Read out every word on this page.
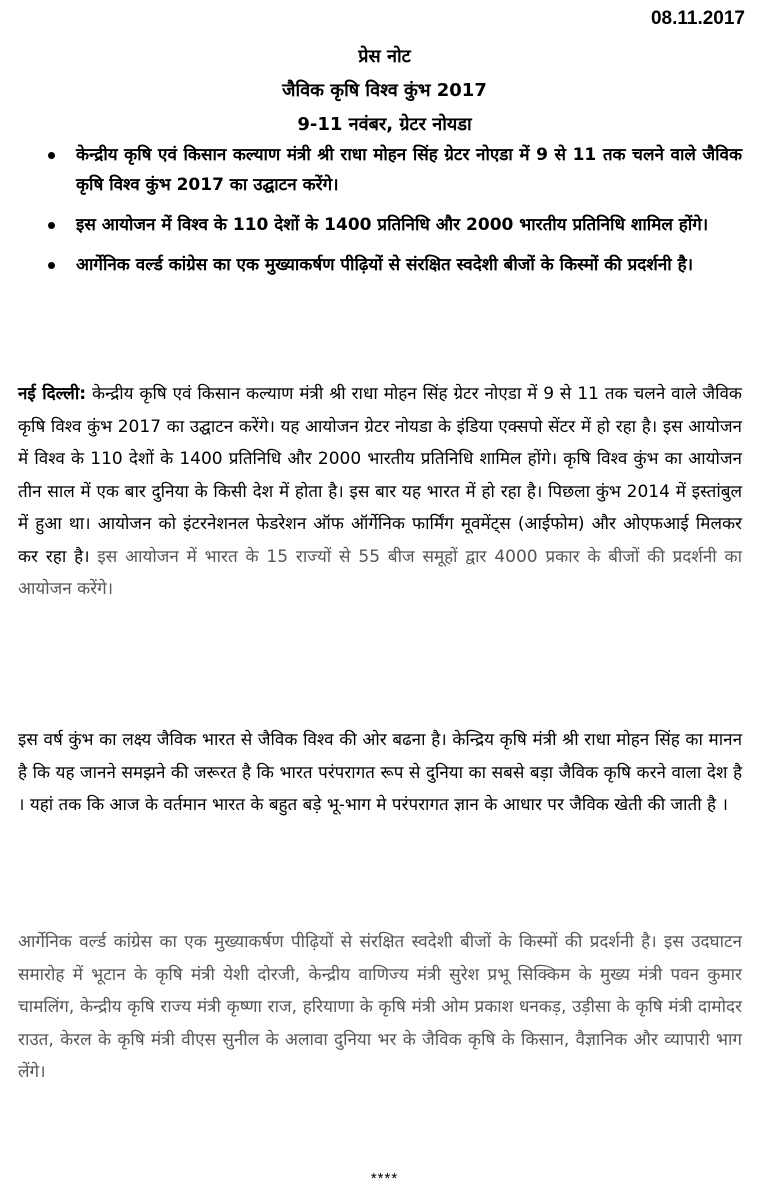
08.11.2017
प्रेस नोट
जैविक कृषि विश्व कुंभ 2017
9-11 नवंबर, ग्रेटर नोयडा
केन्द्रीय कृषि एवं किसान कल्याण मंत्री श्री राधा मोहन सिंह ग्रेटर नोएडा में 9 से 11 तक चलने वाले जैविक कृषि विश्व कुंभ 2017 का उद्घाटन करेंगे।
इस आयोजन में विश्व के 110 देशों के 1400 प्रतिनिधि और 2000 भारतीय प्रतिनिधि शामिल होंगे।
आर्गेनिक वर्ल्ड कांग्रेस का एक मुख्याकर्षण पीढ़ियों से संरक्षित स्वदेशी बीजों के किस्मों की प्रदर्शनी है।

नई दिल्ली: केन्द्रीय कृषि एवं किसान कल्याण मंत्री श्री राधा मोहन सिंह ग्रेटर नोएडा में 9 से 11 तक चलने वाले जैविक कृषि विश्व कुंभ 2017 का उद्घाटन करेंगे। यह आयोजन ग्रेटर नोयडा के इंडिया एक्सपो सेंटर में हो रहा है। इस आयोजन में विश्व के 110 देशों के 1400 प्रतिनिधि और 2000 भारतीय प्रतिनिधि शामिल होंगे। कृषि विश्व कुंभ का आयोजन तीन साल में एक बार दुनिया के किसी देश में होता है। इस बार यह भारत में हो रहा है। पिछला कुंभ 2014 में इस्तांबुल में हुआ था। आयोजन को इंटरनेशनल फेडरेशन ऑफ ऑर्गेनिक फार्मिंग मूवमेंट्स (आईफोम) और ओएफआई मिलकर कर रहा है। इस आयोजन में भारत के 15 राज्यों से 55 बीज समूहों द्वार 4000 प्रकार के बीजों की प्रदर्शनी का आयोजन करेंगे।

इस वर्ष कुंभ का लक्ष्य जैविक भारत से जैविक विश्व की ओर बढना है। केन्द्रिय कृषि मंत्री श्री राधा मोहन सिंह का मानन है कि यह जानने समझने की जरूरत है कि भारत परंपरागत रूप से दुनिया का सबसे बड़ा जैविक कृषि करने वाला देश है । यहां तक कि आज के वर्तमान भारत के बहुत बड़े भू-भाग मे परंपरागत ज्ञान के आधार पर जैविक खेती की जाती है ।

आर्गेनिक वर्ल्ड कांग्रेस का एक मुख्याकर्षण पीढ़ियों से संरक्षित स्वदेशी बीजों के किस्मों की प्रदर्शनी है। इस उदघाटन समारोह में भूटान के कृषि मंत्री येशी दोरजी, केन्द्रीय वाणिज्य मंत्री सुरेश प्रभू सिक्किम के मुख्य मंत्री पवन कुमार चामलिंग, केन्द्रीय कृषि राज्य मंत्री कृष्णा राज, हरियाणा के कृषि मंत्री ओम प्रकाश धनकड़, उड़ीसा के कृषि मंत्री दामोदर राउत, केरल के कृषि मंत्री वीएस सुनील के अलावा दुनिया भर के जैविक कृषि के किसान, वैज्ञानिक और व्यापारी भाग लेंगे।

****
